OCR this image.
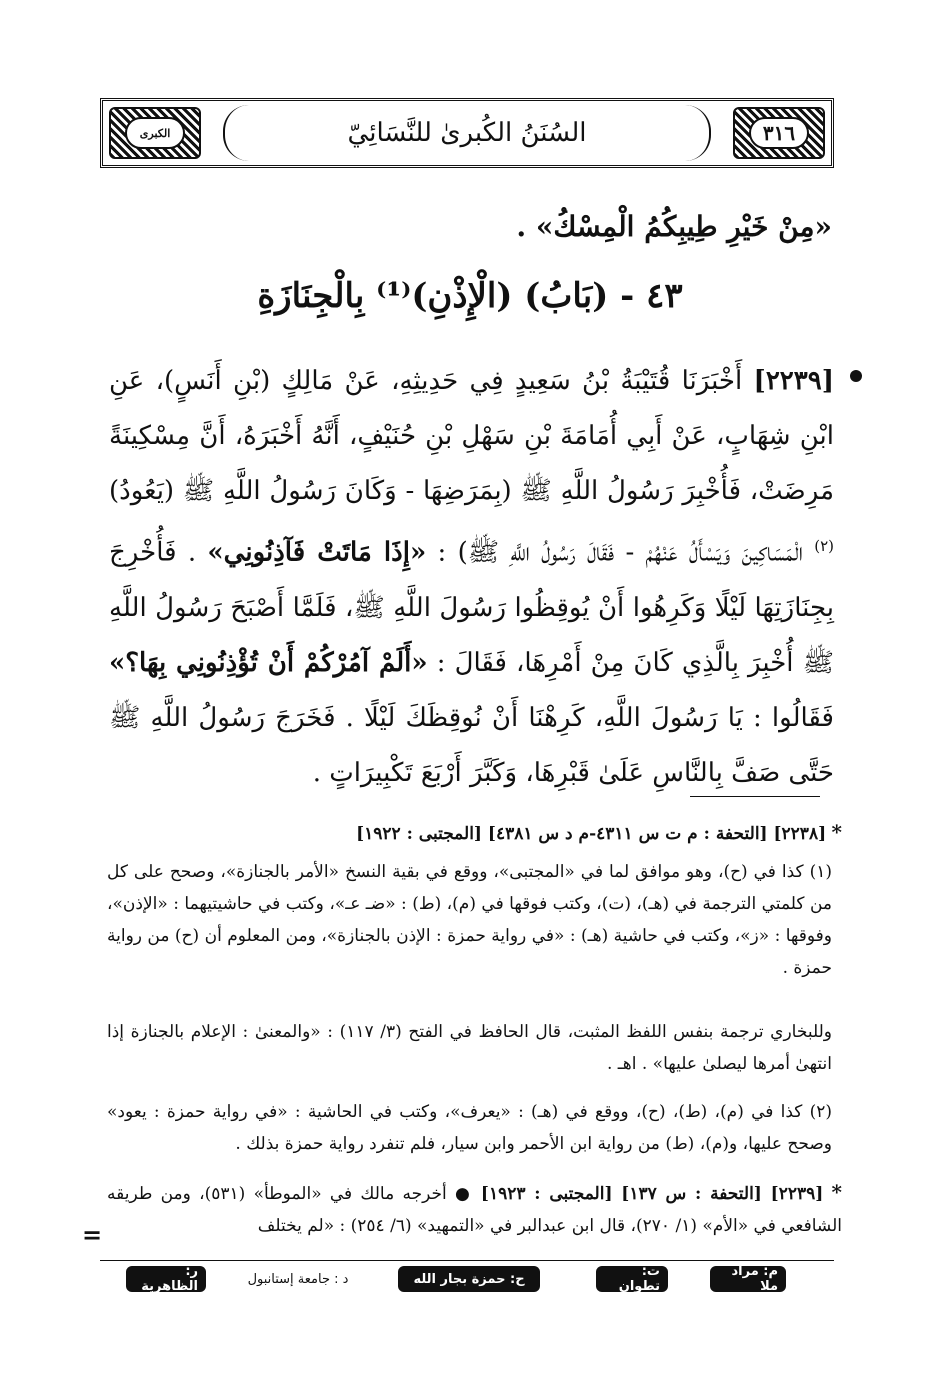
٣١٦
السُنَنُ الكُبرىٰ للنَّسَائِيّ
الكبرى
«مِنْ خَيْرِ طِيبِكُمُ الْمِسْكُ» .
٤٣ - (بَابُ) (الْإِذْنِ)⁽¹⁾ بِالْجِنَازَةِ
[٢٢٣٩] أَخْبَرَنَا قُتَيْبَةُ بْنُ سَعِيدٍ فِي حَدِيثِهِ، عَنْ مَالِكٍ (بْنِ أَنَسٍ)، عَنِ ابْنِ شِهَابٍ، عَنْ أَبِي أُمَامَةَ بْنِ سَهْلِ بْنِ حُنَيْفٍ، أَنَّهُ أَخْبَرَهُ، أَنَّ مِسْكِينَةً مَرِضَتْ، فَأُخْبِرَ رَسُولُ اللَّهِ ﷺ (بِمَرَضِهَا - وَكَانَ رَسُولُ اللَّهِ ﷺ (يَعُودُ)$^{(٢)}$ الْمَسَاكِينَ وَيَسْأَلُ عَنْهُمْ - فَقَالَ رَسُولُ اللَّهِ ﷺ) : «إِذَا مَاتَتْ فَآذِنُونِي» . فَأُخْرِجَ بِجِنَازَتِهَا لَيْلًا وَكَرِهُوا أَنْ يُوقِظُوا رَسُولَ اللَّهِ ﷺ، فَلَمَّا أَصْبَحَ رَسُولُ اللَّهِ ﷺ أُخْبِرَ بِالَّذِي كَانَ مِنْ أَمْرِهَا، فَقَالَ : «أَلَمْ آمُرْكُمْ أَنْ تُؤْذِنُونِي بِهَا؟» فَقَالُوا : يَا رَسُولَ اللَّهِ، كَرِهْنَا أَنْ نُوقِظَكَ لَيْلًا . فَخَرَجَ رَسُولُ اللَّهِ ﷺ حَتَّى صَفَّ بِالنَّاسِ عَلَىٰ قَبْرِهَا، وَكَبَّرَ أَرْبَعَ تَكْبِيرَاتٍ .
* [٢٢٣٨] [التحفة : م ت س ٤٣١١-م د س ٤٣٨١] [المجتبى : ١٩٢٢]
(١) كذا في (ح)، وهو موافق لما في «المجتبى»، ووقع في بقية النسخ «الأمر بالجنازة»، وصحح على كل من كلمتي الترجمة في (هـ)، (ت)، وكتب فوقها في (م)، (ط) : «ضـ عـ»، وكتب في حاشيتيهما : «الإذن»، وفوقها : «ز»، وكتب في حاشية (هـ) : «في رواية حمزة : الإذن بالجنازة»، ومن المعلوم أن (ح) من رواية حمزة .
وللبخاري ترجمة بنفس اللفظ المثبت، قال الحافظ في الفتح (٣/ ١١٧) : «والمعنىٰ : الإعلام بالجنازة إذا انتهىٰ أمرها ليصلىٰ عليها» . اهـ .
(٢) كذا في (م)، (ط)، (ح)، ووقع في (هـ) : «يعرف»، وكتب في الحاشية : «في رواية حمزة : يعود» وصحح عليها، و(م)، (ط) من رواية ابن الأحمر وابن سيار، فلم تنفرد رواية حمزة بذلك .
* [٢٢٣٩] [التحفة : س ١٣٧] [المجتبى : ١٩٢٣] ● أخرجه مالك في «الموطأ» (٥٣١)، ومن طريقه الشافعي في «الأم» (١/ ٢٧٠)، قال ابن عبدالبر في «التمهيد» (٦/ ٢٥٤) : «لم يختلف
=
م: مراد ملا
ت: تطوان
ح: حمزة بجار الله
د : جامعة إستانبول
ر: الظاهرية
